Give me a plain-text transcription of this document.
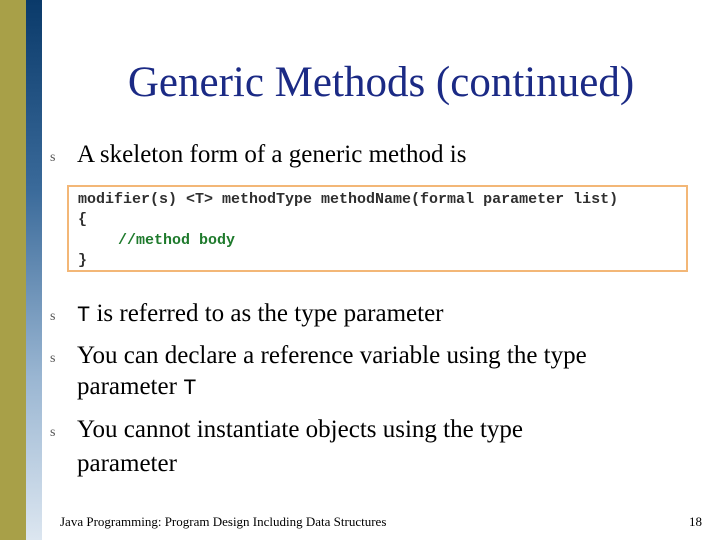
Generic Methods (continued)
s A skeleton form of a generic method is
modifier(s) <T> methodType methodName(formal parameter list)
{
//method body
}
s T is referred to as the type parameter
s You can declare a reference variable using the type
parameter T
s You cannot instantiate objects using the type
parameter
Java Programming: Program Design Including Data Structures	18
